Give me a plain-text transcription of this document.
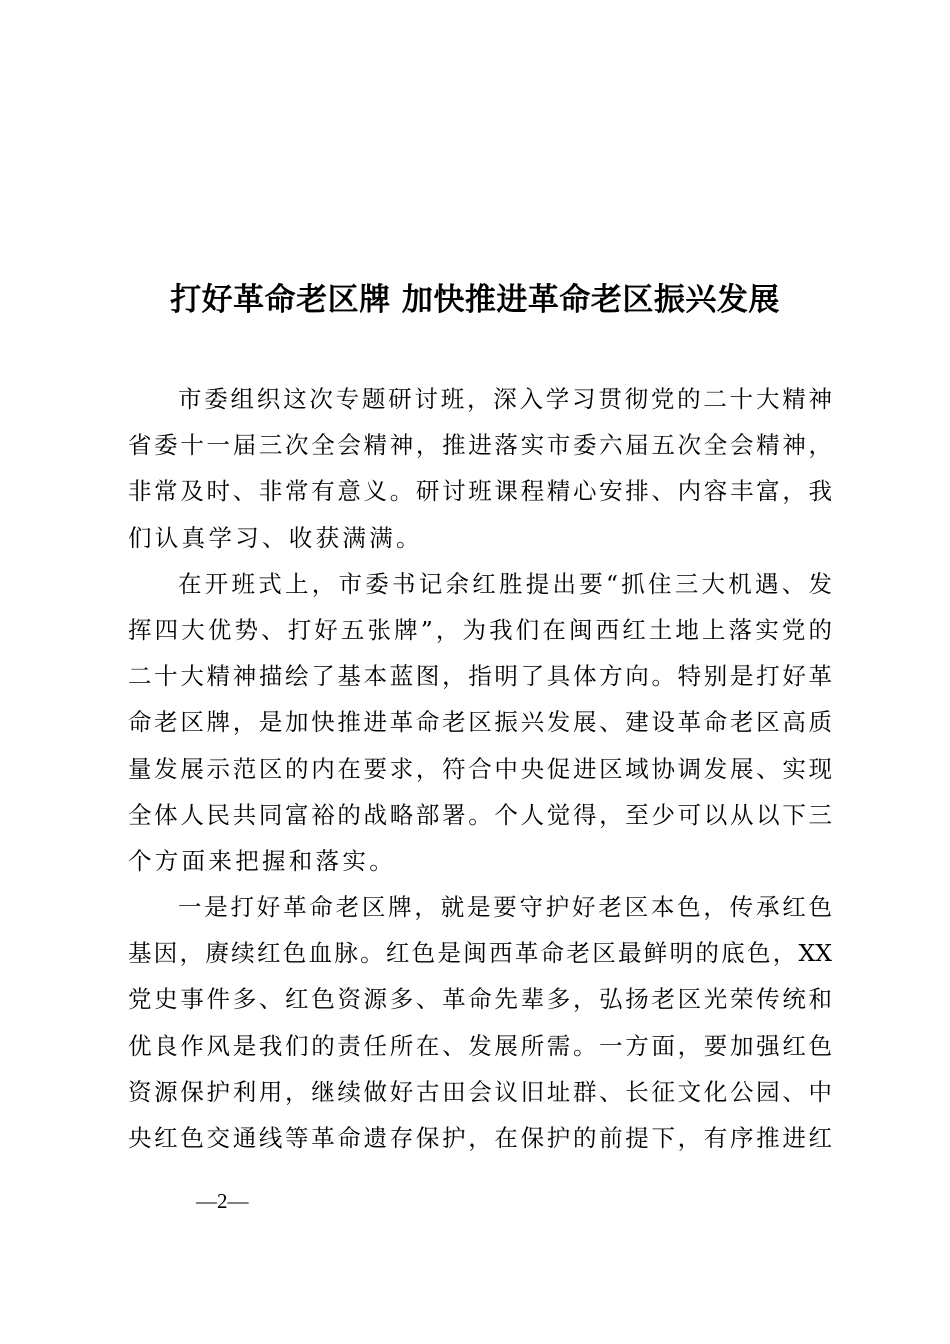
打好革命老区牌 加快推进革命老区振兴发展
市委组织这次专题研讨班，深入学习贯彻党的二十大精神
省委十一届三次全会精神，推进落实市委六届五次全会精神，
非常及时、非常有意义。研讨班课程精心安排、内容丰富，我
们认真学习、收获满满。
在开班式上，市委书记余红胜提出要“抓住三大机遇、发
挥四大优势、打好五张牌”，为我们在闽西红土地上落实党的
二十大精神描绘了基本蓝图，指明了具体方向。特别是打好革
命老区牌，是加快推进革命老区振兴发展、建设革命老区高质
量发展示范区的内在要求，符合中央促进区域协调发展、实现
全体人民共同富裕的战略部署。个人觉得，至少可以从以下三
个方面来把握和落实。
一是打好革命老区牌，就是要守护好老区本色，传承红色
基因，赓续红色血脉。红色是闽西革命老区最鲜明的底色，XX
党史事件多、红色资源多、革命先辈多，弘扬老区光荣传统和
优良作风是我们的责任所在、发展所需。一方面，要加强红色
资源保护利用，继续做好古田会议旧址群、长征文化公园、中
央红色交通线等革命遗存保护，在保护的前提下，有序推进红
—2—
